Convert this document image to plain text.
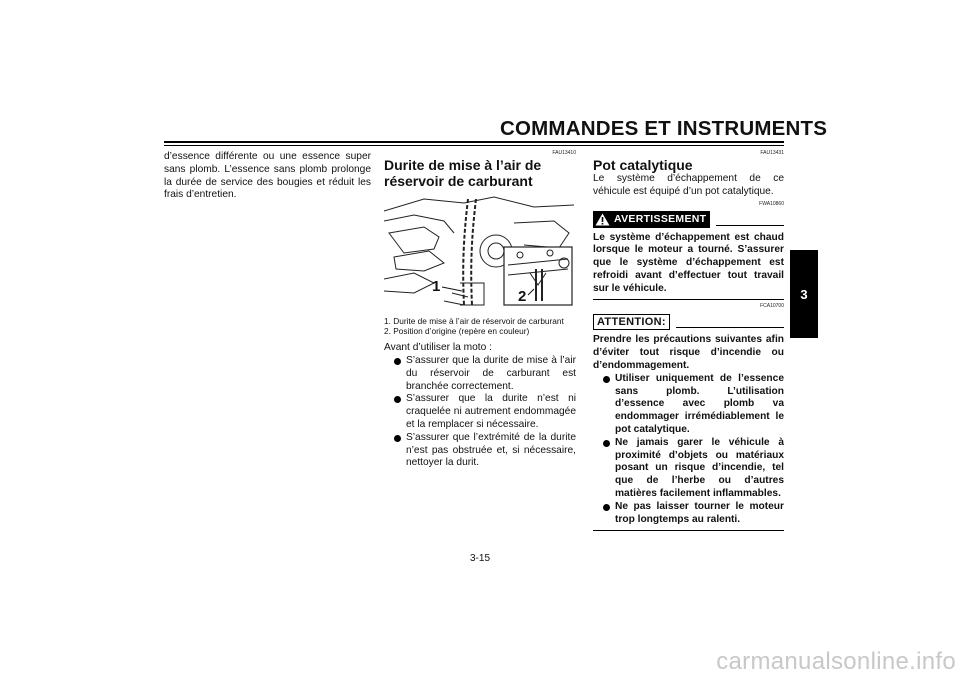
COMMANDES ET INSTRUMENTS
3
d’essence différente ou une essence super sans plomb. L’essence sans plomb prolonge la durée de service des bougies et réduit les frais d’entretien.
FAU13410
Durite de mise à l’air de réservoir de carburant
1
2
1. Durite de mise à l’air de réservoir de carburant
2. Position d’origine (repère en couleur)

Avant d’utiliser la moto :

S’assurer que la durite de mise à l’air du réservoir de carburant est branchée correctement.
S’assurer que la durite n’est ni craquelée ni autrement endommagée et la remplacer si nécessaire.
S’assurer que l’extrémité de la durite n’est pas obstruée et, si nécessaire, nettoyer la durit.
FAU13431
Pot catalytique

Le système d’échappement de ce véhicule est équipé d’un pot catalytique.

FWA10860
AVERTISSEMENT

Le système d’échappement est chaud lorsque le moteur a tourné. S’assurer que le système d’échappement est refroidi avant d’effectuer tout travail sur le véhicule.

FCA10700
ATTENTION:

Prendre les précautions suivantes afin d’éviter tout risque d’incendie ou d’endommagement.

Utiliser uniquement de l’essence sans plomb. L’utilisation d’essence avec plomb va endommager irrémédiablement le pot catalytique.
Ne jamais garer le véhicule à proximité d’objets ou matériaux posant un risque d’incendie, tel que de l’herbe ou d’autres matières facilement inflammables.
Ne pas laisser tourner le moteur trop longtemps au ralenti.
3-15
carmanualsonline.info
